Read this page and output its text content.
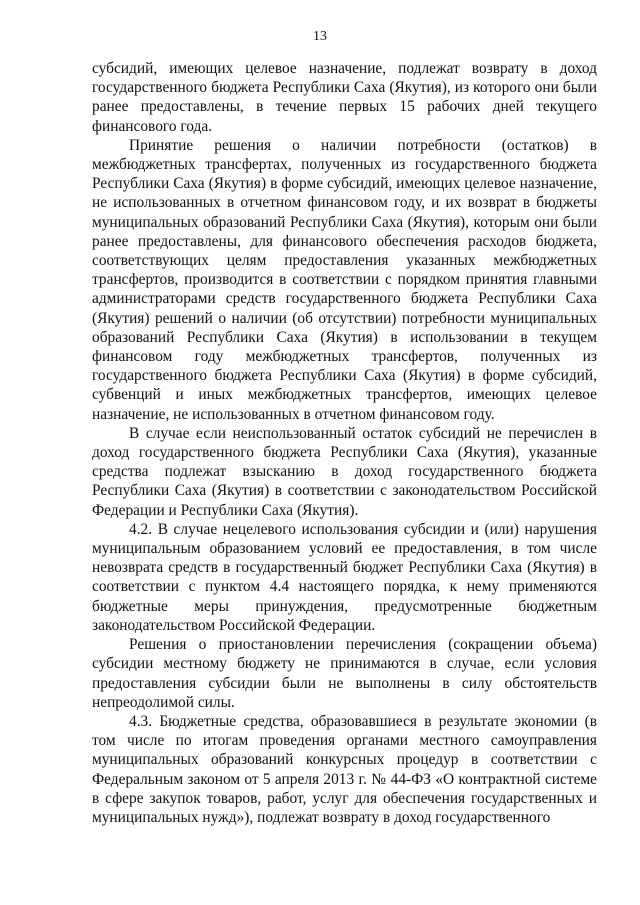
13

субсидий, имеющих целевое назначение, подлежат возврату в доход государственного бюджета Республики Саха (Якутия), из которого они были ранее предоставлены, в течение первых 15 рабочих дней текущего финансового года.

Принятие решения о наличии потребности (остатков) в межбюджетных трансфертах, полученных из государственного бюджета Республики Саха (Якутия) в форме субсидий, имеющих целевое назначение, не использованных в отчетном финансовом году, и их возврат в бюджеты муниципальных образований Республики Саха (Якутия), которым они были ранее предоставлены, для финансового обеспечения расходов бюджета, соответствующих целям предоставления указанных межбюджетных трансфертов, производится в соответствии с порядком принятия главными администраторами средств государственного бюджета Республики Саха (Якутия) решений о наличии (об отсутствии) потребности муниципальных образований Республики Саха (Якутия) в использовании в текущем финансовом году межбюджетных трансфертов, полученных из государственного бюджета Республики Саха (Якутия) в форме субсидий, субвенций и иных межбюджетных трансфертов, имеющих целевое назначение, не использованных в отчетном финансовом году.

В случае если неиспользованный остаток субсидий не перечислен в доход государственного бюджета Республики Саха (Якутия), указанные средства подлежат взысканию в доход государственного бюджета Республики Саха (Якутия) в соответствии с законодательством Российской Федерации и Республики Саха (Якутия).

4.2. В случае нецелевого использования субсидии и (или) нарушения муниципальным образованием условий ее предоставления, в том числе невозврата средств в государственный бюджет Республики Саха (Якутия) в соответствии с пунктом 4.4 настоящего порядка, к нему применяются бюджетные меры принуждения, предусмотренные бюджетным законодательством Российской Федерации.

Решения о приостановлении перечисления (сокращении объема) субсидии местному бюджету не принимаются в случае, если условия предоставления субсидии были не выполнены в силу обстоятельств непреодолимой силы.

4.3. Бюджетные средства, образовавшиеся в результате экономии (в том числе по итогам проведения органами местного самоуправления муниципальных образований конкурсных процедур в соответствии с Федеральным законом от 5 апреля 2013 г. № 44-ФЗ «О контрактной системе в сфере закупок товаров, работ, услуг для обеспечения государственных и муниципальных нужд»), подлежат возврату в доход государственного
